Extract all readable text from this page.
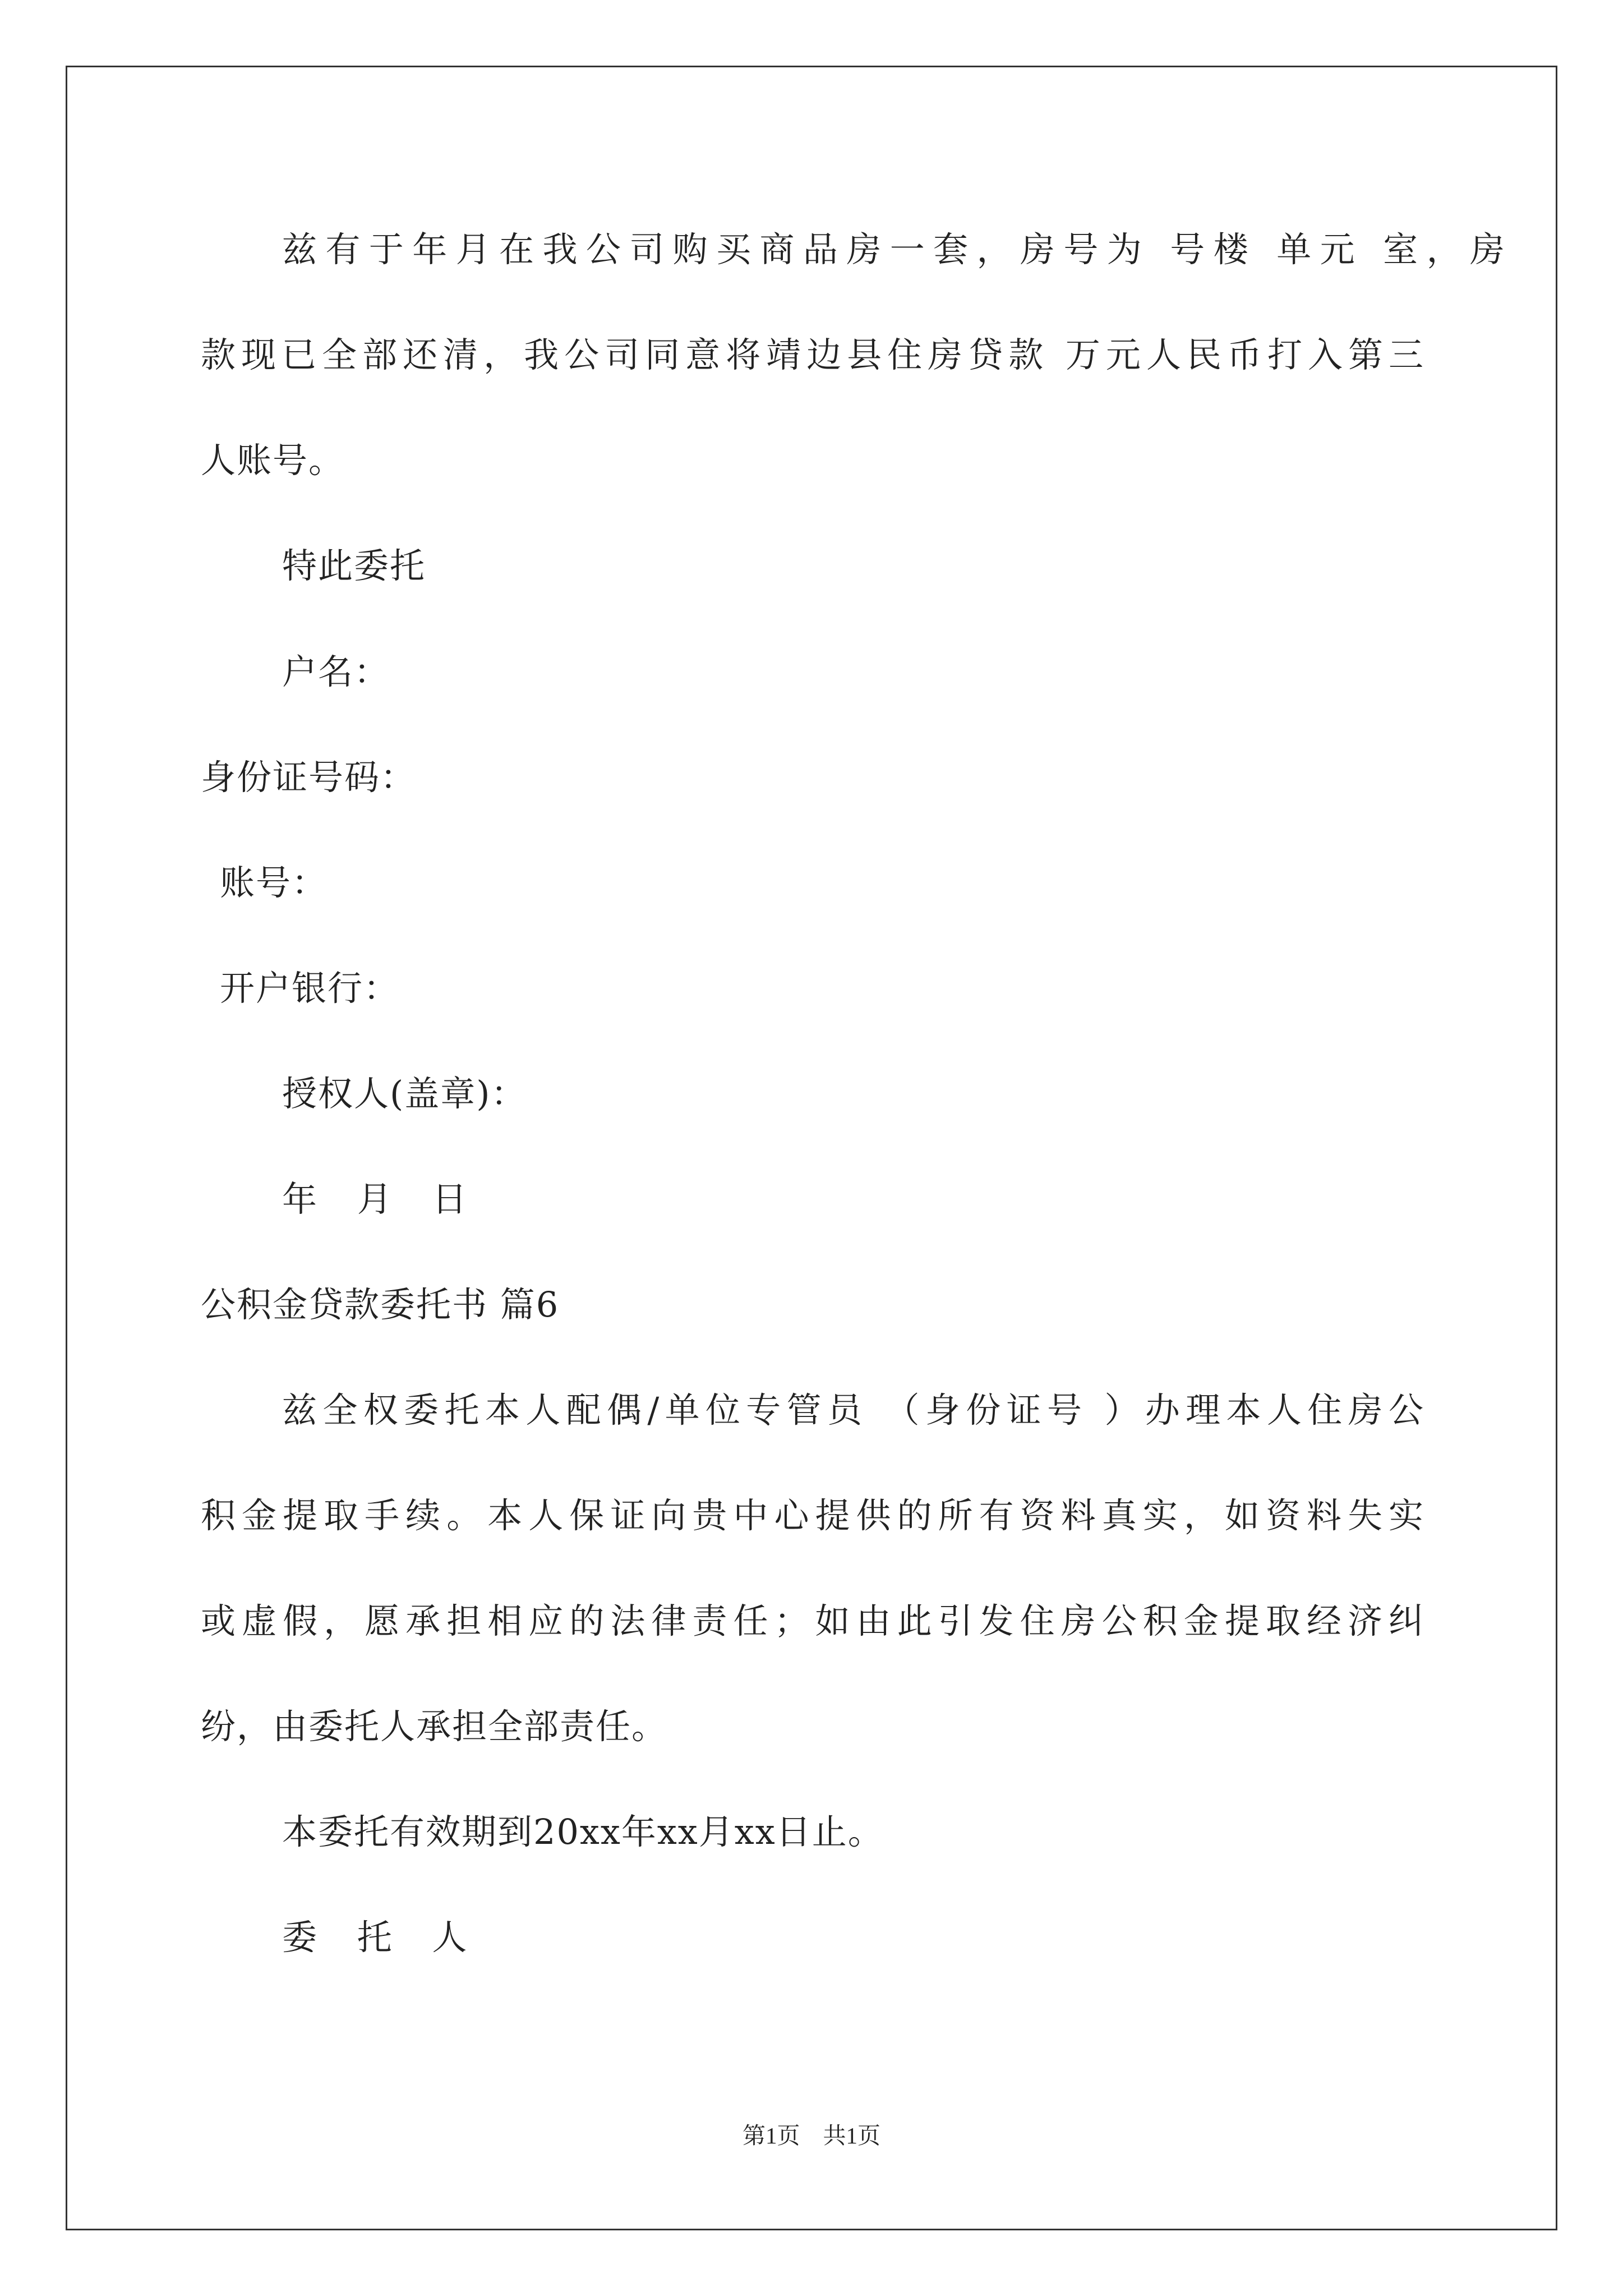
兹有于年月在我公司购买商品房一套，房号为 号楼 单元 室，房
款现已全部还清，我公司同意将靖边县住房贷款 万元人民币打入第三
人账号。
特此委托
户名：
身份证号码：
账号：
开户银行：
授权人(盖章)：
年 月 日
公积金贷款委托书 篇6
兹全权委托本人配偶/单位专管员 （身份证号 ）办理本人住房公
积金提取手续。本人保证向贵中心提供的所有资料真实，如资料失实
或虚假，愿承担相应的法律责任；如由此引发住房公积金提取经济纠
纷，由委托人承担全部责任。
本委托有效期到20xx年xx月xx日止。
委 托 人
第1页　共1页
